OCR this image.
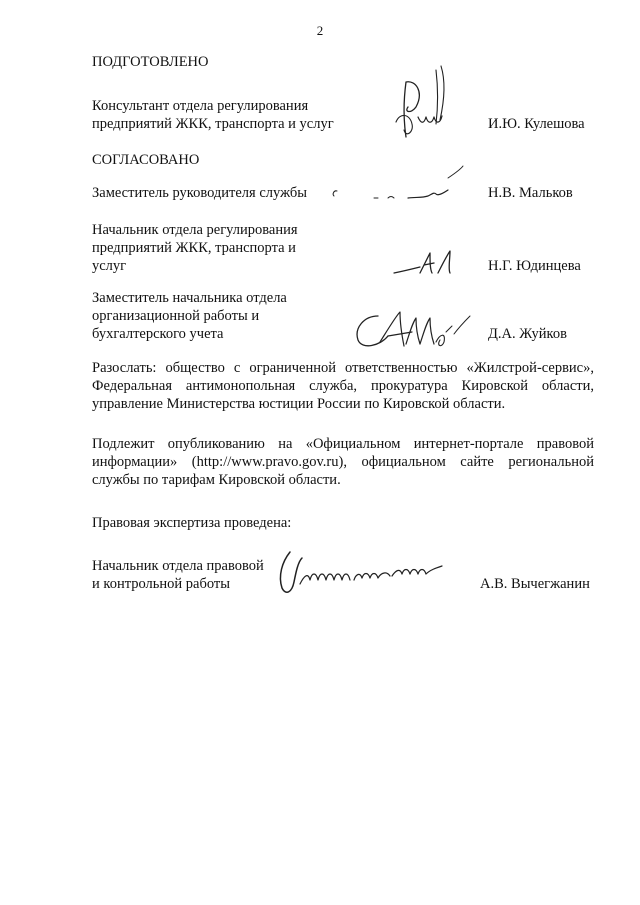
2
ПОДГОТОВЛЕНО
Консультант отдела регулирования
предприятий ЖКК, транспорта и услуг	И.Ю. Кулешова
СОГЛАСОВАНО
Заместитель руководителя службы	Н.В. Мальков
Начальник отдела регулирования
предприятий ЖКК, транспорта и
услуг	Н.Г. Юдинцева
Заместитель начальника отдела
организационной работы и
бухгалтерского учета	Д.А. Жуйков
Разослать: общество с ограниченной ответственностью «Жилстрой-сервис»,
Федеральная антимонопольная служба, прокуратура Кировской области,
управление Министерства юстиции России по Кировской области.
Подлежит опубликованию на «Официальном интернет-портале правовой
информации» (http://www.pravo.gov.ru), официальном сайте региональной
службы по тарифам Кировской области.
Правовая экспертиза проведена:
Начальник отдела правовой
и контрольной работы	А.В. Вычегжанин
